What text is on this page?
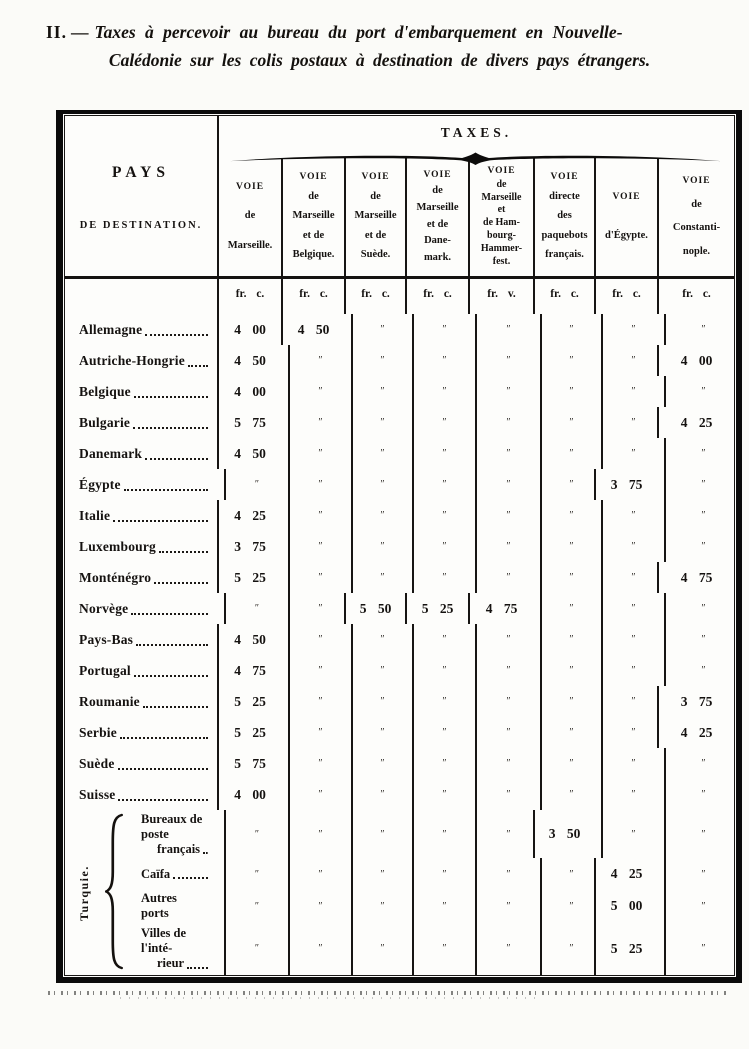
II. — Taxes à percevoir au bureau du port d'embarquement en Nouvelle-
Calédonie sur les colis postaux à destination de divers pays étrangers.
PAYS
DE DESTINATION.
TAXES.
Turquie.
VOIE
de
Marseille.
VOIE
de
Marseille
et de
Belgique.
VOIE
de
Marseille
et de
Suède.
VOIE
de
Marseille
et de
Dane-
mark.
VOIE
de
Marseille
et
de Ham-
bourg-
Hammer-
fest.
VOIE
directe
des
paquebots
français.
VOIE
d'Égypte.
VOIE
de
Constanti-
nople.
fr. c.	fr. c.	fr. c.	fr. c.	fr. v.	fr. c.	fr. c.	fr. c.
Allemagne	4 00	4 50	″	″	″	″	″	″
Autriche-Hongrie	4 50	″	″	″	″	″	″	4 00
Belgique	4 00	″	″	″	″	″	″	″
Bulgarie	5 75	″	″	″	″	″	″	4 25
Danemark	4 50	″	″	″	″	″	″	″
Égypte	″	″	″	″	″	″	3 75	″
Italie	4 25	″	″	″	″	″	″	″
Luxembourg	3 75	″	″	″	″	″	″	″
Monténégro	5 25	″	″	″	″	″	″	4 75
Norvège	″	″	5 50	5 25	4 75	″	″	″
Pays-Bas	4 50	″	″	″	″	″	″	″
Portugal	4 75	″	″	″	″	″	″	″
Roumanie	5 25	″	″	″	″	″	″	3 75
Serbie	5 25	″	″	″	″	″	″	4 25
Suède	5 75	″	″	″	″	″	″	″
Suisse	4 00	″	″	″	″	″	″	″
Bureaux de poste
français
″	″	″	″	″	3 50	″	″
Caïfa	″	″	″	″	″	″	4 25	″
Autres ports	″	″	″	″	″	″	5 00	″
Villes de l'inté-
rieur
″	″	″	″	″	″	5 25	″
